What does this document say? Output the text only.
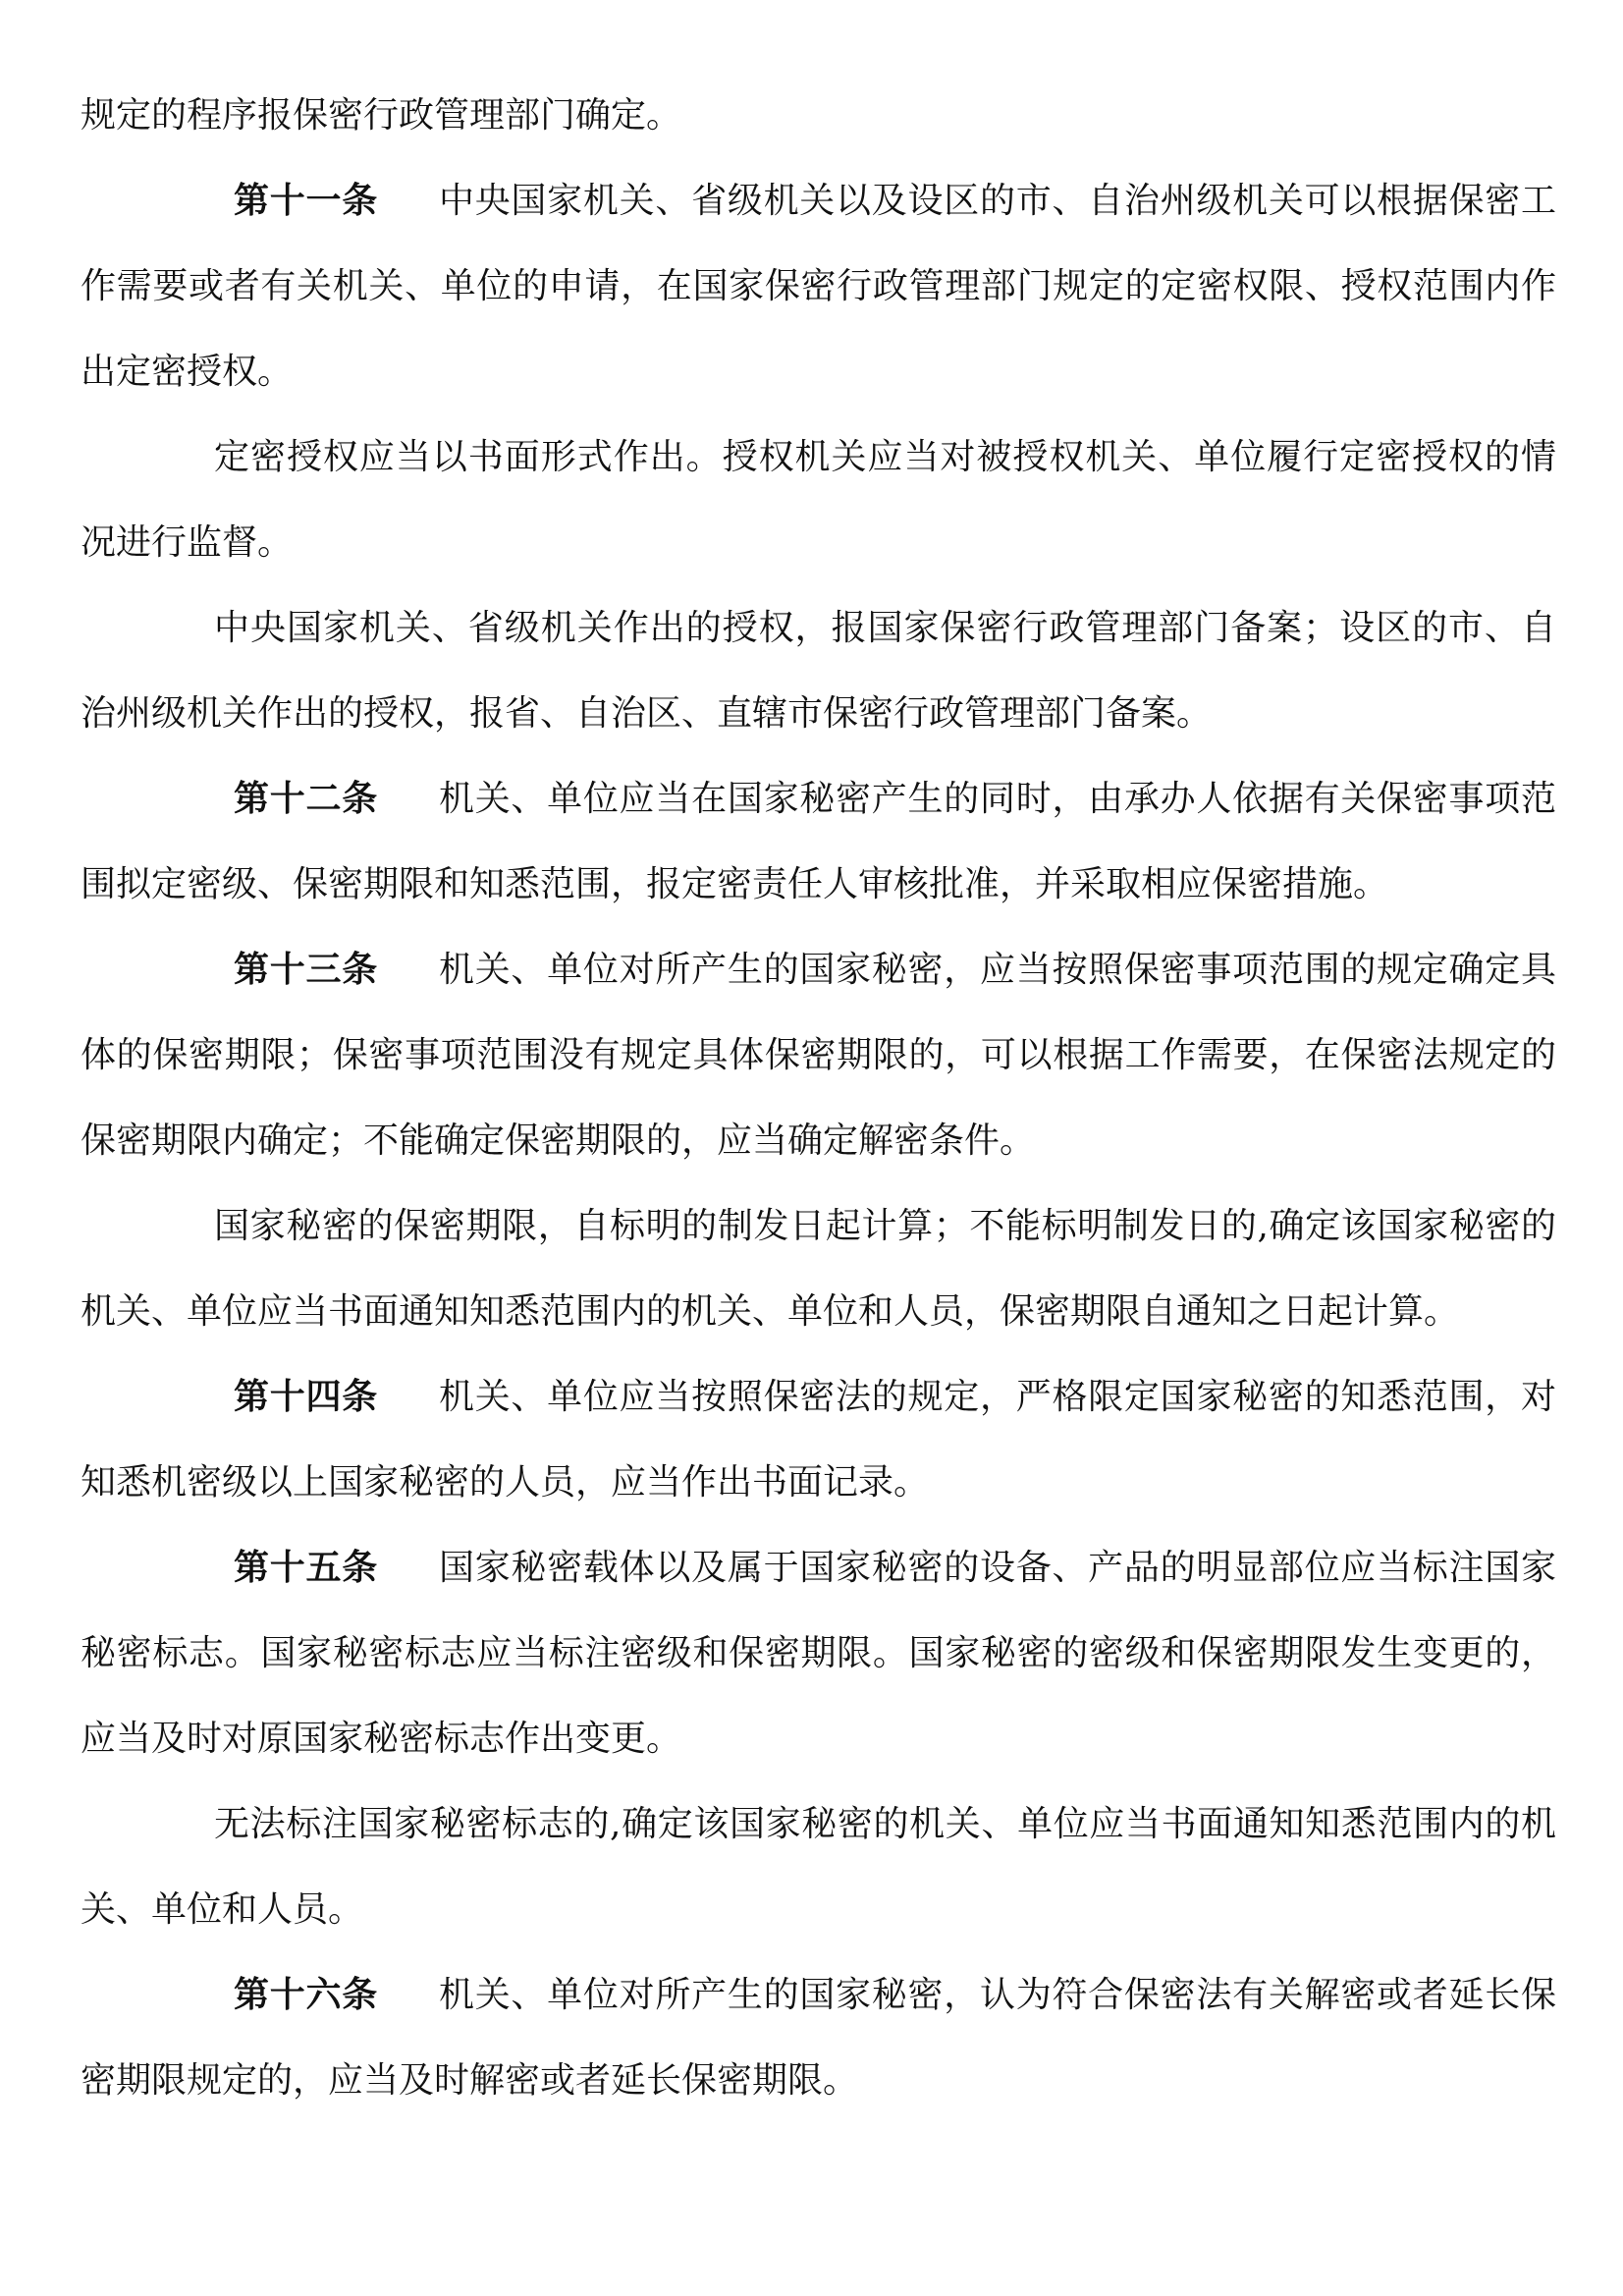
规定的程序报保密行政管理部门确定。

第十一条 中央国家机关、省级机关以及设区的市、自治州级机关可以根据保密工作需要或者有关机关、单位的申请，在国家保密行政管理部门规定的定密权限、授权范围内作出定密授权。

定密授权应当以书面形式作出。授权机关应当对被授权机关、单位履行定密授权的情况进行监督。

中央国家机关、省级机关作出的授权，报国家保密行政管理部门备案；设区的市、自治州级机关作出的授权，报省、自治区、直辖市保密行政管理部门备案。

第十二条 机关、单位应当在国家秘密产生的同时，由承办人依据有关保密事项范围拟定密级、保密期限和知悉范围，报定密责任人审核批准，并采取相应保密措施。

第十三条 机关、单位对所产生的国家秘密，应当按照保密事项范围的规定确定具体的保密期限；保密事项范围没有规定具体保密期限的，可以根据工作需要，在保密法规定的保密期限内确定；不能确定保密期限的，应当确定解密条件。

国家秘密的保密期限，自标明的制发日起计算；不能标明制发日的,确定该国家秘密的机关、单位应当书面通知知悉范围内的机关、单位和人员，保密期限自通知之日起计算。

第十四条 机关、单位应当按照保密法的规定，严格限定国家秘密的知悉范围，对知悉机密级以上国家秘密的人员，应当作出书面记录。

第十五条 国家秘密载体以及属于国家秘密的设备、产品的明显部位应当标注国家秘密标志。国家秘密标志应当标注密级和保密期限。国家秘密的密级和保密期限发生变更的，应当及时对原国家秘密标志作出变更。

无法标注国家秘密标志的,确定该国家秘密的机关、单位应当书面通知知悉范围内的机关、单位和人员。

第十六条 机关、单位对所产生的国家秘密，认为符合保密法有关解密或者延长保密期限规定的，应当及时解密或者延长保密期限。
